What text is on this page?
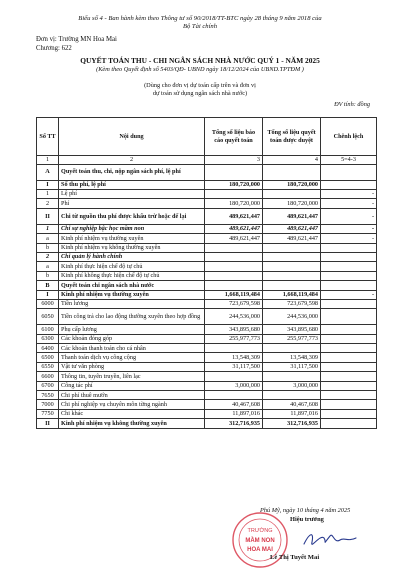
Biểu số 4 - Ban hành kèm theo Thông tư số 90/2018/TT-BTC ngày 28 tháng 9 năm 2018 của
Bộ Tài chính
Đơn vị: Trường MN Hoa Mai
Chương: 622
QUYẾT TOÁN THU - CHI NGÂN SÁCH NHÀ NƯỚC QUÝ 1 - NĂM 2025
(Kèm theo Quyết định số 5403/QĐ- UBND ngày 18/12/2024 của UBND.TPTĐM )
(Dùng cho đơn vị dự toán cấp trên và đơn vị
dự toán sử dụng ngân sách nhà nước)
ĐV tính: đồng
Số TT	Nội dung	Tổng số liệu báo cáo quyết toán	Tổng số liệu quyết toán được duyệt	Chênh lệch
1	2	3	4	5=4-3
A	Quyết toán thu, chi, nộp ngân sách phí, lệ phí			
I	Số thu phí, lệ phí	180,720,000	180,720,000	
1	Lệ phí			-
2	Phí	180,720,000	180,720,000	-
II	Chi từ nguồn thu phí được khấu trừ hoặc để lại	489,621,447	489,621,447	-
1	Chi sự nghiệp bậc học mầm non	489,621,447	489,621,447	-
a	Kinh phí nhiệm vụ thường xuyên	489,621,447	489,621,447	-
b	Kinh phí nhiệm vụ không thường xuyên			
2	Chi quản lý hành chính			
a	Kinh phí thực hiện chế độ tự chủ			
b	Kinh phí không thực hiện chế độ tự chủ			
B	Quyết toán chi ngân sách nhà nước			
I	Kinh phí nhiệm vụ thường xuyên	1,668,119,484	1,668,119,484	-
6000	Tiền lương	723,679,598	723,679,598	
6050	Tiền công trả cho lao động thường xuyên theo hợp đồng	244,536,000	244,536,000	
6100	Phụ cấp lương	343,895,680	343,895,680	
6300	Các khoản đóng góp	255,977,773	255,977,773	
6400	Các khoản thanh toán cho cá nhân			
6500	Thanh toán dịch vụ công cộng	13,548,309	13,548,309	
6550	Vật tư văn phòng	31,117,500	31,117,500	
6600	Thông tin, tuyên truyền, liên lạc			
6700	Công tác phí	3,000,000	3,000,000	
7650	Chi phí thuê mướn			
7000	Chi phí nghiệp vụ chuyên môn từng ngành	40,467,608	40,467,608	
7750	Chi khác	11,897,016	11,897,016	
II	Kinh phí nhiệm vụ không thường xuyên	312,716,935	312,716,935	
TRƯỜNG
MẦM NON
HOA MAI
Phú Mỹ, ngày 10 tháng 4 năm 2025
Hiệu trưởng
Lê Thị Tuyết Mai
